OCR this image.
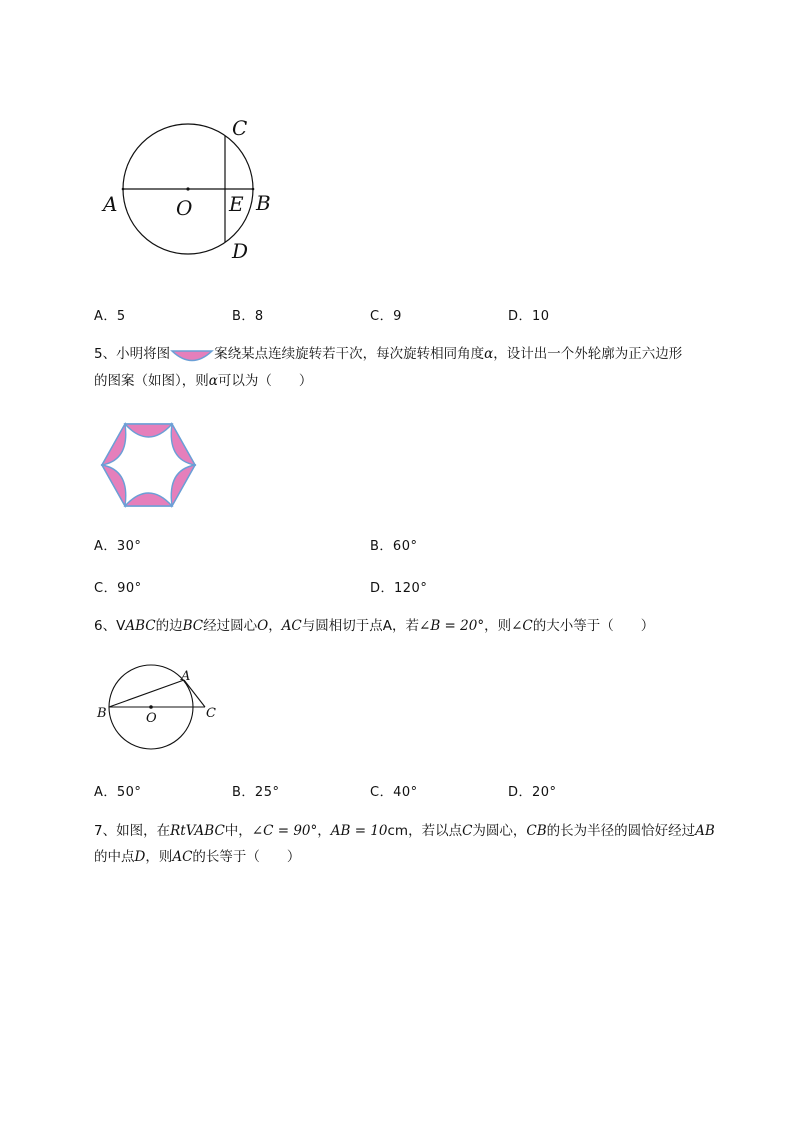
C
A	O E B
D
A．5	B．8	C．9	D．10
5、小明将图	案绕某点连续旋转若干次，每次旋转相同角度α，设计出一个外轮廓为正六边形
的图案（如图），则α可以为（　　）
A．30°	B．60°
C．90°	D．120°
6、VABC的边BC经过圆心O，AC与圆相切于点A，若∠B = 20°，则∠C的大小等于（　　）
A
B	O	C
A．50°	B．25°	C．40°	D．20°
7、如图，在RtVABC中，∠C = 90°，AB = 10cm，若以点C为圆心，CB的长为半径的圆恰好经过AB
的中点D，则AC的长等于（　　）
